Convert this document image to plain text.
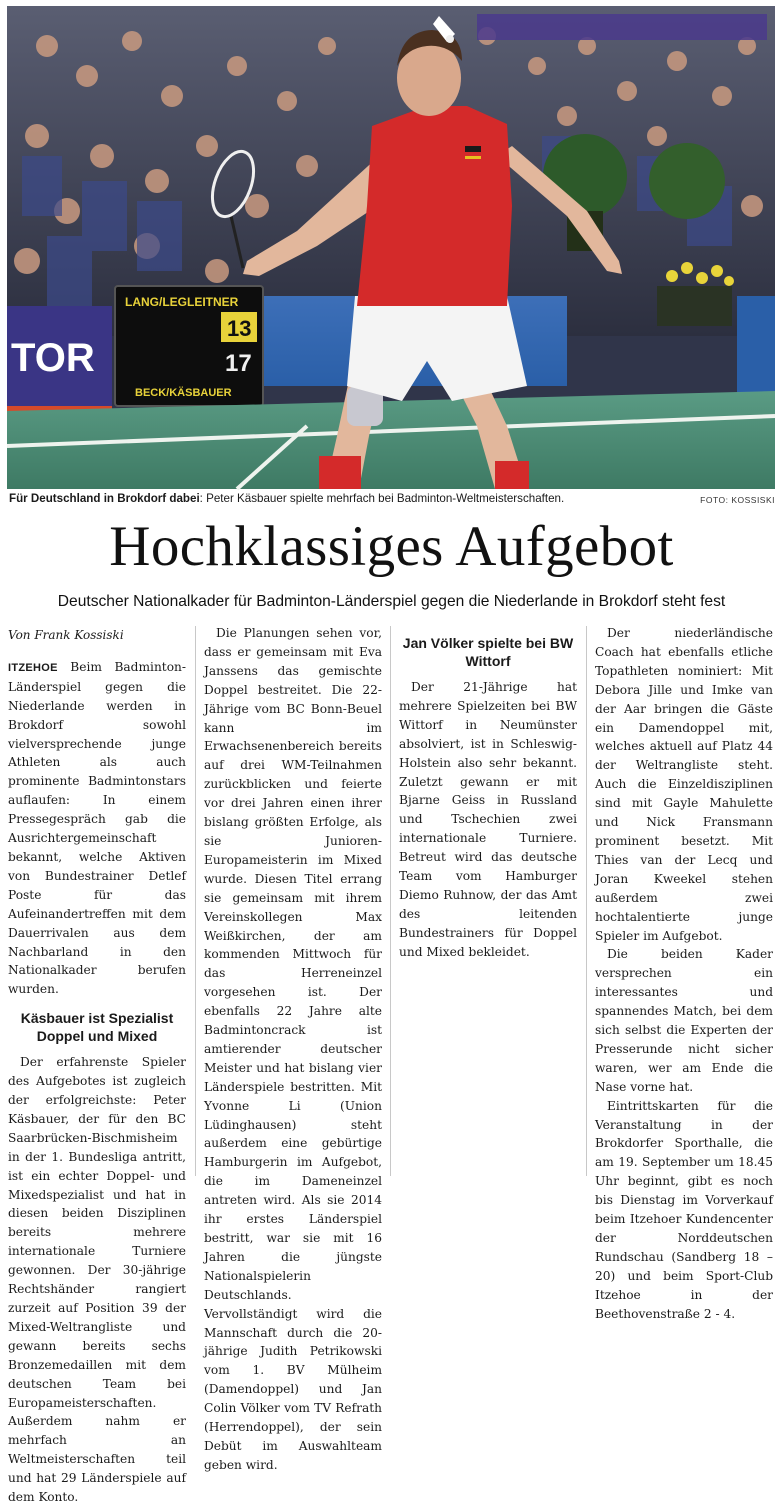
TOR
LANG/LEGLEITNER
13
17
BECK/KÄSBAUER
Für Deutschland in Brokdorf dabei: Peter Käsbauer spielte mehrfach bei Badminton-Weltmeisterschaften.	FOTO: KOSSISKI
Hochklassiges Aufgebot
Deutscher Nationalkader für Badminton-Länderspiel gegen die Niederlande in Brokdorf steht fest
Von Frank Kossiski

ITZEHOE Beim Badminton-Länderspiel gegen die Niederlande werden in Brokdorf sowohl vielversprechende junge Athleten als auch prominente Badmintonstars auflaufen: In einem Pressegespräch gab die Ausrichtergemeinschaft bekannt, welche Aktiven von Bundestrainer Detlef Poste für das Aufeinandertreffen mit dem Dauerrivalen aus dem Nachbarland in den Nationalkader berufen wurden.

Käsbauer ist Spezialist Doppel und Mixed

Der erfahrenste Spieler des Aufgebotes ist zugleich der erfolgreichste: Peter Käsbauer, der für den BC Saarbrücken-Bischmisheim in der 1. Bundesliga antritt, ist ein echter Doppel- und Mixedspezialist und hat in diesen beiden Disziplinen bereits mehrere internationale Turniere gewonnen. Der 30-jährige Rechtshänder rangiert zurzeit auf Position 39 der Mixed-Weltrangliste und gewann bereits sechs Bronzemedaillen mit dem deutschen Team bei Europameisterschaften. Außerdem nahm er mehrfach an Weltmeisterschaften teil und hat 29 Länderspiele auf dem Konto.

Die Planungen sehen vor, dass er gemeinsam mit Eva Janssens das gemischte Doppel bestreitet. Die 22-Jährige vom BC Bonn-Beuel kann im Erwachsenenbereich bereits auf drei WM-Teilnahmen zurückblicken und feierte vor drei Jahren einen ihrer bislang größten Erfolge, als sie Junioren-Europameisterin im Mixed wurde. Diesen Titel errang sie gemeinsam mit ihrem Vereinskollegen Max Weißkirchen, der am kommenden Mittwoch für das Herreneinzel vorgesehen ist. Der ebenfalls 22 Jahre alte Badmintoncrack ist amtierender deutscher Meister und hat bislang vier Länderspiele bestritten. Mit Yvonne Li (Union Lüdinghausen) steht außerdem eine gebürtige Hamburgerin im Aufgebot, die im Dameneinzel antreten wird. Als sie 2014 ihr erstes Länderspiel bestritt, war sie mit 16 Jahren die jüngste Nationalspielerin Deutschlands. Vervollständigt wird die Mannschaft durch die 20-jährige Judith Petrikowski vom 1. BV Mülheim (Damendoppel) und Jan Colin Völker vom TV Refrath (Herrendoppel), der sein Debüt im Auswahlteam geben wird.

Jan Völker spielte bei BW Wittorf

Der 21-Jährige hat mehrere Spielzeiten bei BW Wittorf in Neumünster absolviert, ist in Schleswig-Holstein also sehr bekannt. Zuletzt gewann er mit Bjarne Geiss in Russland und Tschechien zwei internationale Turniere. Betreut wird das deutsche Team vom Hamburger Diemo Ruhnow, der das Amt des leitenden Bundestrainers für Doppel und Mixed bekleidet.

Der niederländische Coach hat ebenfalls etliche Topathleten nominiert: Mit Debora Jille und Imke van der Aar bringen die Gäste ein Damendoppel mit, welches aktuell auf Platz 44 der Weltrangliste steht. Auch die Einzeldisziplinen sind mit Gayle Mahulette und Nick Fransmann prominent besetzt. Mit Thies van der Lecq und Joran Kweekel stehen außerdem zwei hochtalentierte junge Spieler im Aufgebot.

Die beiden Kader versprechen ein interessantes und spannendes Match, bei dem sich selbst die Experten der Presserunde nicht sicher waren, wer am Ende die Nase vorne hat.

Eintrittskarten für die Veranstaltung in der Brokdorfer Sporthalle, die am 19. September um 18.45 Uhr beginnt, gibt es noch bis Dienstag im Vorverkauf beim Itzehoer Kundencenter der Norddeutschen Rundschau (Sandberg 18 – 20) und beim Sport-Club Itzehoe in der Beethovenstraße 2 - 4.
